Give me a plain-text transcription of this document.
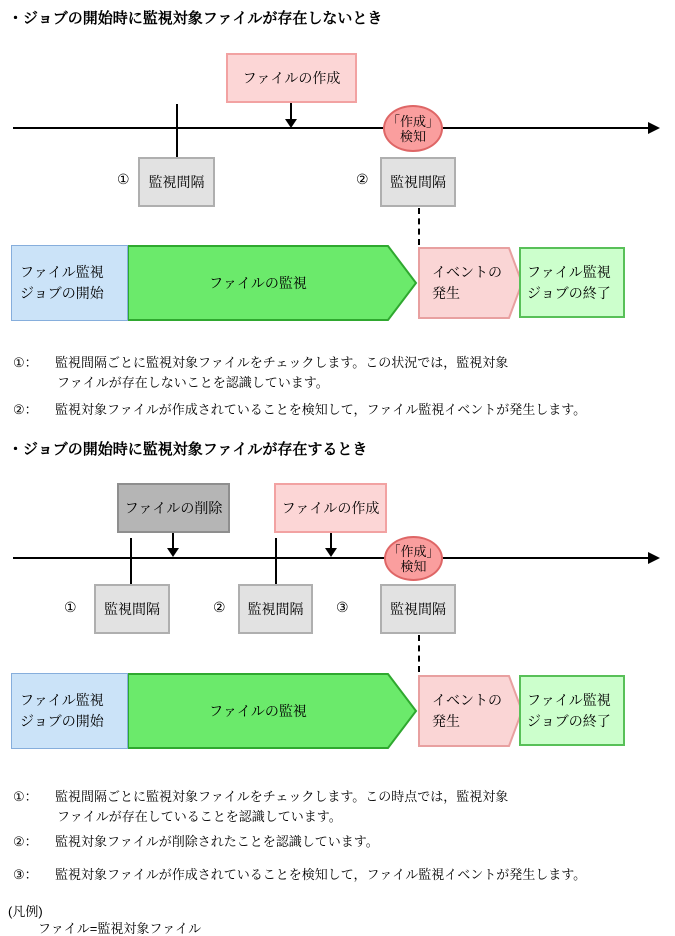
・ジョブの開始時に監視対象ファイルが存在しないとき
ファイルの作成
「作成」
検知
①	監視間隔	②	監視間隔
ファイル監視
ジョブの開始
ファイルの監視
イベントの
発生
ファイル監視
ジョブの終了
①： 監視間隔ごとに監視対象ファイルをチェックします。この状況では，監視対象
ファイルが存在しないことを認識しています。
②： 監視対象ファイルが作成されていることを検知して，ファイル監視イベントが発生します。
・ジョブの開始時に監視対象ファイルが存在するとき
ファイルの削除	ファイルの作成
「作成」
検知
①	監視間隔	②	監視間隔	③	監視間隔
ファイル監視
ジョブの開始
ファイルの監視
イベントの
発生
ファイル監視
ジョブの終了
①： 監視間隔ごとに監視対象ファイルをチェックします。この時点では，監視対象
ファイルが存在していることを認識しています。
②： 監視対象ファイルが削除されたことを認識しています。
③： 監視対象ファイルが作成されていることを検知して，ファイル監視イベントが発生します。
(凡例)
ファイル=監視対象ファイル
